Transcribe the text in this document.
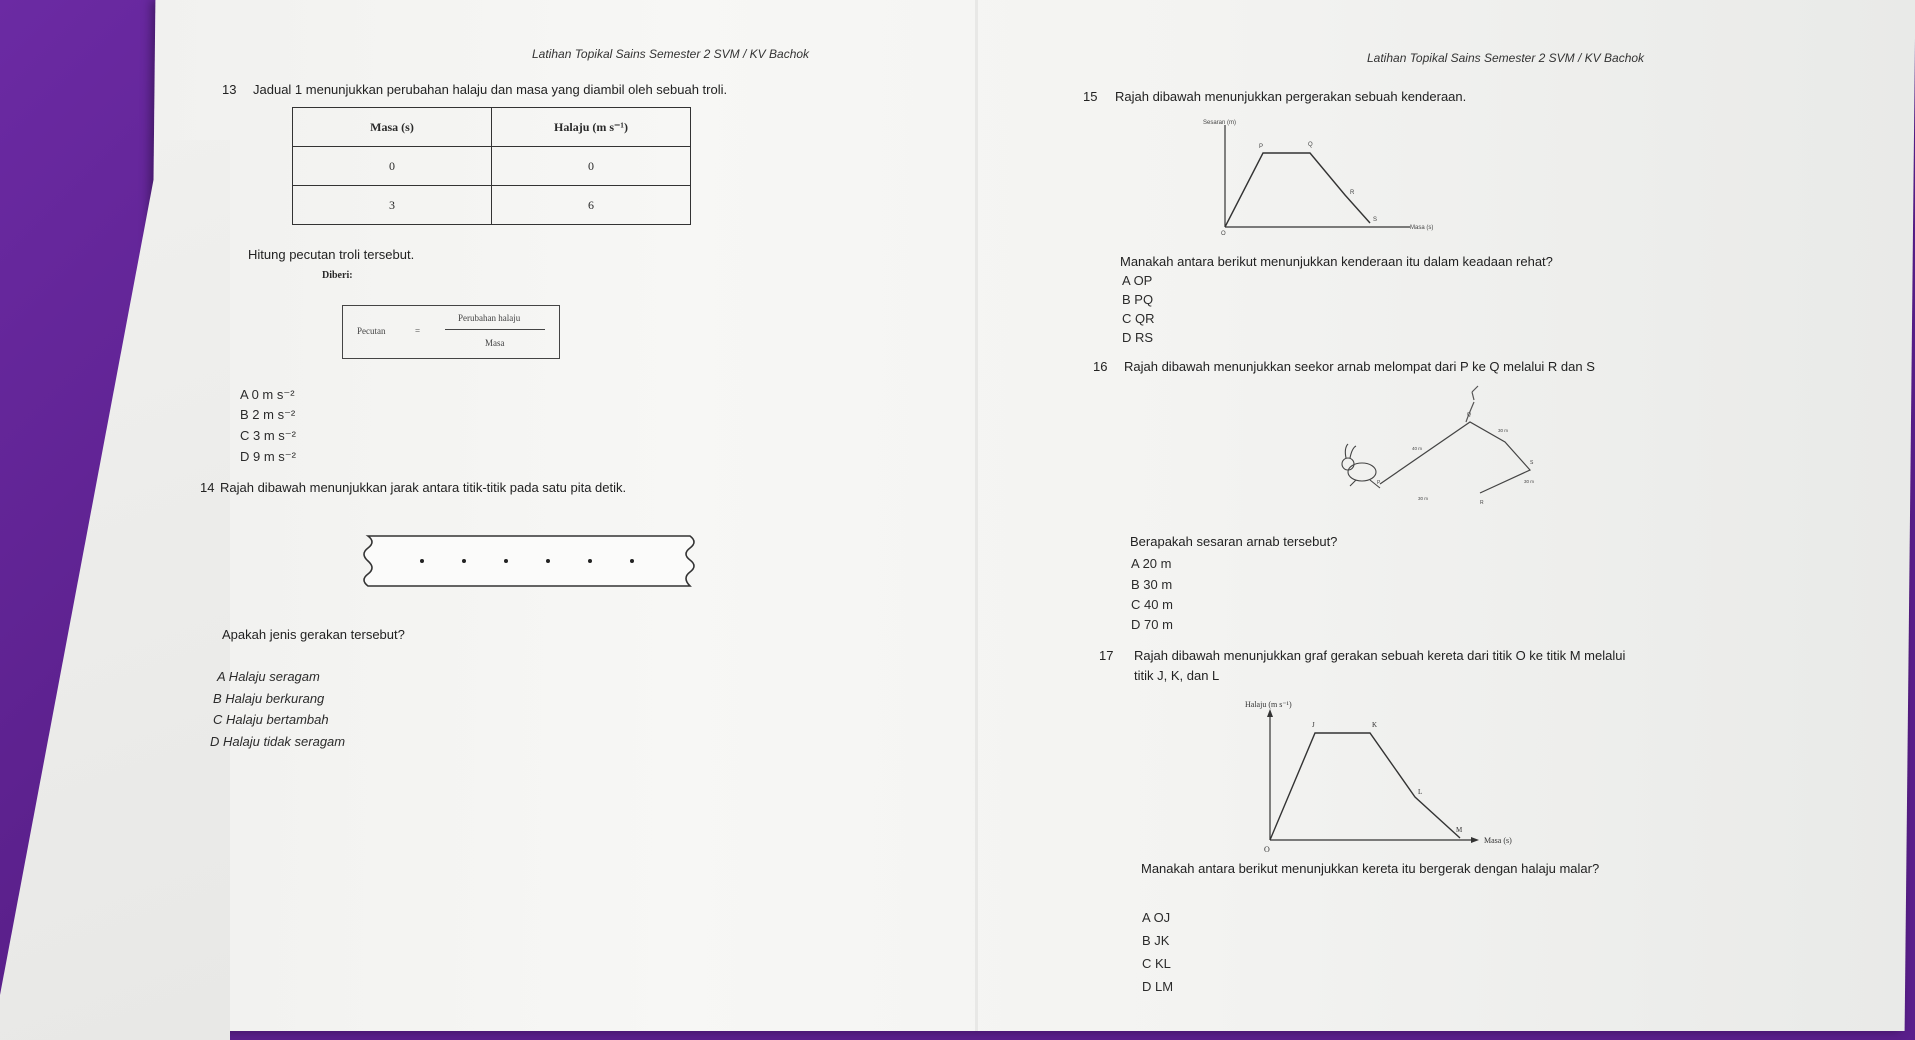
Latihan Topikal Sains Semester 2 SVM / KV Bachok
13 Jadual 1 menunjukkan perubahan halaju dan masa yang diambil oleh sebuah troli.
Masa (s)	Halaju (m s⁻¹)
0	0
3	6
Hitung pecutan troli tersebut.
Diberi:
Pecutan	=
Perubahan halaju
Masa
A 0 m s⁻²
B 2 m s⁻²
C 3 m s⁻²
D 9 m s⁻²
14 Rajah dibawah menunjukkan jarak antara titik-titik pada satu pita detik.
Apakah jenis gerakan tersebut?
A Halaju seragam
B Halaju berkurang
C Halaju bertambah
D Halaju tidak seragam
Latihan Topikal Sains Semester 2 SVM / KV Bachok
15 Rajah dibawah menunjukkan pergerakan sebuah kenderaan.
Sesaran (m)
Masa (s)
O
P	Q
R
S
Manakah antara berikut menunjukkan kenderaan itu dalam keadaan rehat?
A OP
B PQ
C QR
D RS
16 Rajah dibawah menunjukkan seekor arnab melompat dari P ke Q melalui R dan S
P
Q
R
S
40 m
30 m
30 m
30 m
Berapakah sesaran arnab tersebut?
A 20 m
B 30 m
C 40 m
D 70 m
17 Rajah dibawah menunjukkan graf gerakan sebuah kereta dari titik O ke titik M melalui
titik J, K, dan L
Halaju (m s⁻¹)
Masa (s)
O
J	K
L
M
Manakah antara berikut menunjukkan kereta itu bergerak dengan halaju malar?
A OJ
B JK
C KL
D LM
